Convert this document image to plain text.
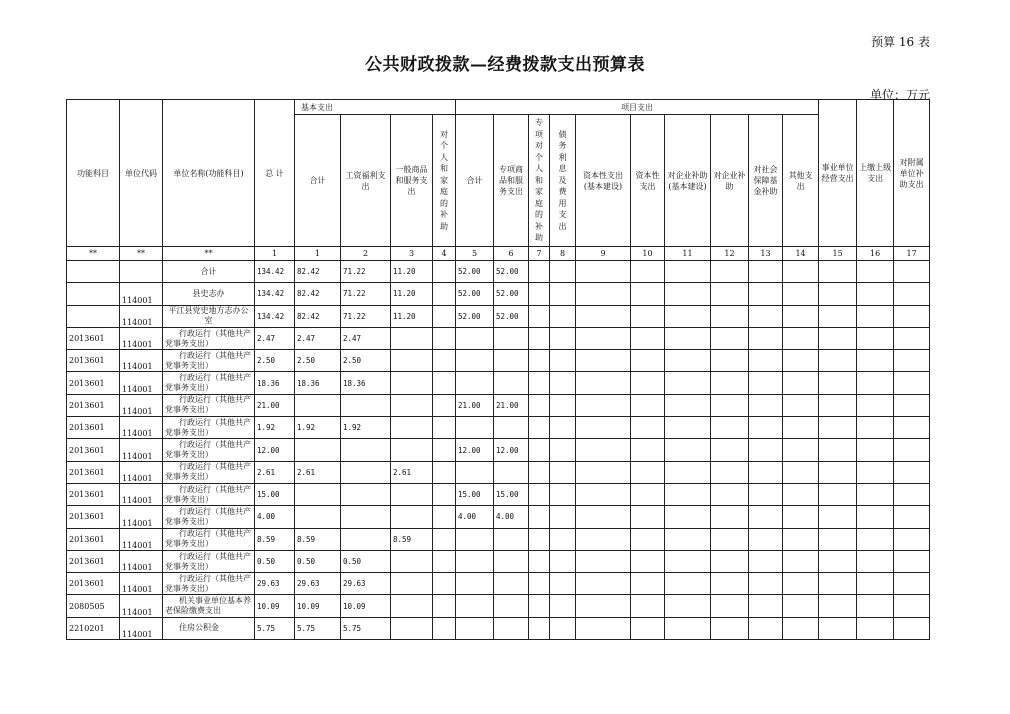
预算 16 表
公共财政拨款—经费拨款支出预算表
单位：万元
功能科目	单位代码	单位名称(功能科目)	总 计	基本支出				项目支出										事业单位经营支出	上缴上级支出	对附属单位补助支出
				合计	工资福利支出	一般商品和服务支出	对个人和家庭的补助	合计	专项商品和服务支出	专项对个人和家庭的补助	债务利息及费用支出	资本性支出(基本建设)	资本性支出	对企业补助(基本建设)	对企业补助	对社会保障基金补助	其他支出			
**	**	**	1	1	2	3	4	5	6	7	8	9	10	11	12	13	14	15	16	17
		合计	134.42	82.42	71.22	11.20		52.00	52.00											
	114001	县史志办	134.42	82.42	71.22	11.20		52.00	52.00											
	114001	平江县党史地方志办公室	134.42	82.42	71.22	11.20		52.00	52.00											
2013601	114001	行政运行（其他共产党事务支出）	2.47	2.47	2.47															
2013601	114001	行政运行（其他共产党事务支出）	2.50	2.50	2.50															
2013601	114001	行政运行（其他共产党事务支出）	18.36	18.36	18.36															
2013601	114001	行政运行（其他共产党事务支出）	21.00					21.00	21.00											
2013601	114001	行政运行（其他共产党事务支出）	1.92	1.92	1.92															
2013601	114001	行政运行（其他共产党事务支出）	12.00					12.00	12.00											
2013601	114001	行政运行（其他共产党事务支出）	2.61	2.61		2.61														
2013601	114001	行政运行（其他共产党事务支出）	15.00					15.00	15.00											
2013601	114001	行政运行（其他共产党事务支出）	4.00					4.00	4.00											
2013601	114001	行政运行（其他共产党事务支出）	8.59	8.59		8.59														
2013601	114001	行政运行（其他共产党事务支出）	0.50	0.50	0.50															
2013601	114001	行政运行（其他共产党事务支出）	29.63	29.63	29.63															
2080505	114001	机关事业单位基本养老保险缴费支出	10.09	10.09	10.09															
2210201	114001	住房公积金	5.75	5.75	5.75															
